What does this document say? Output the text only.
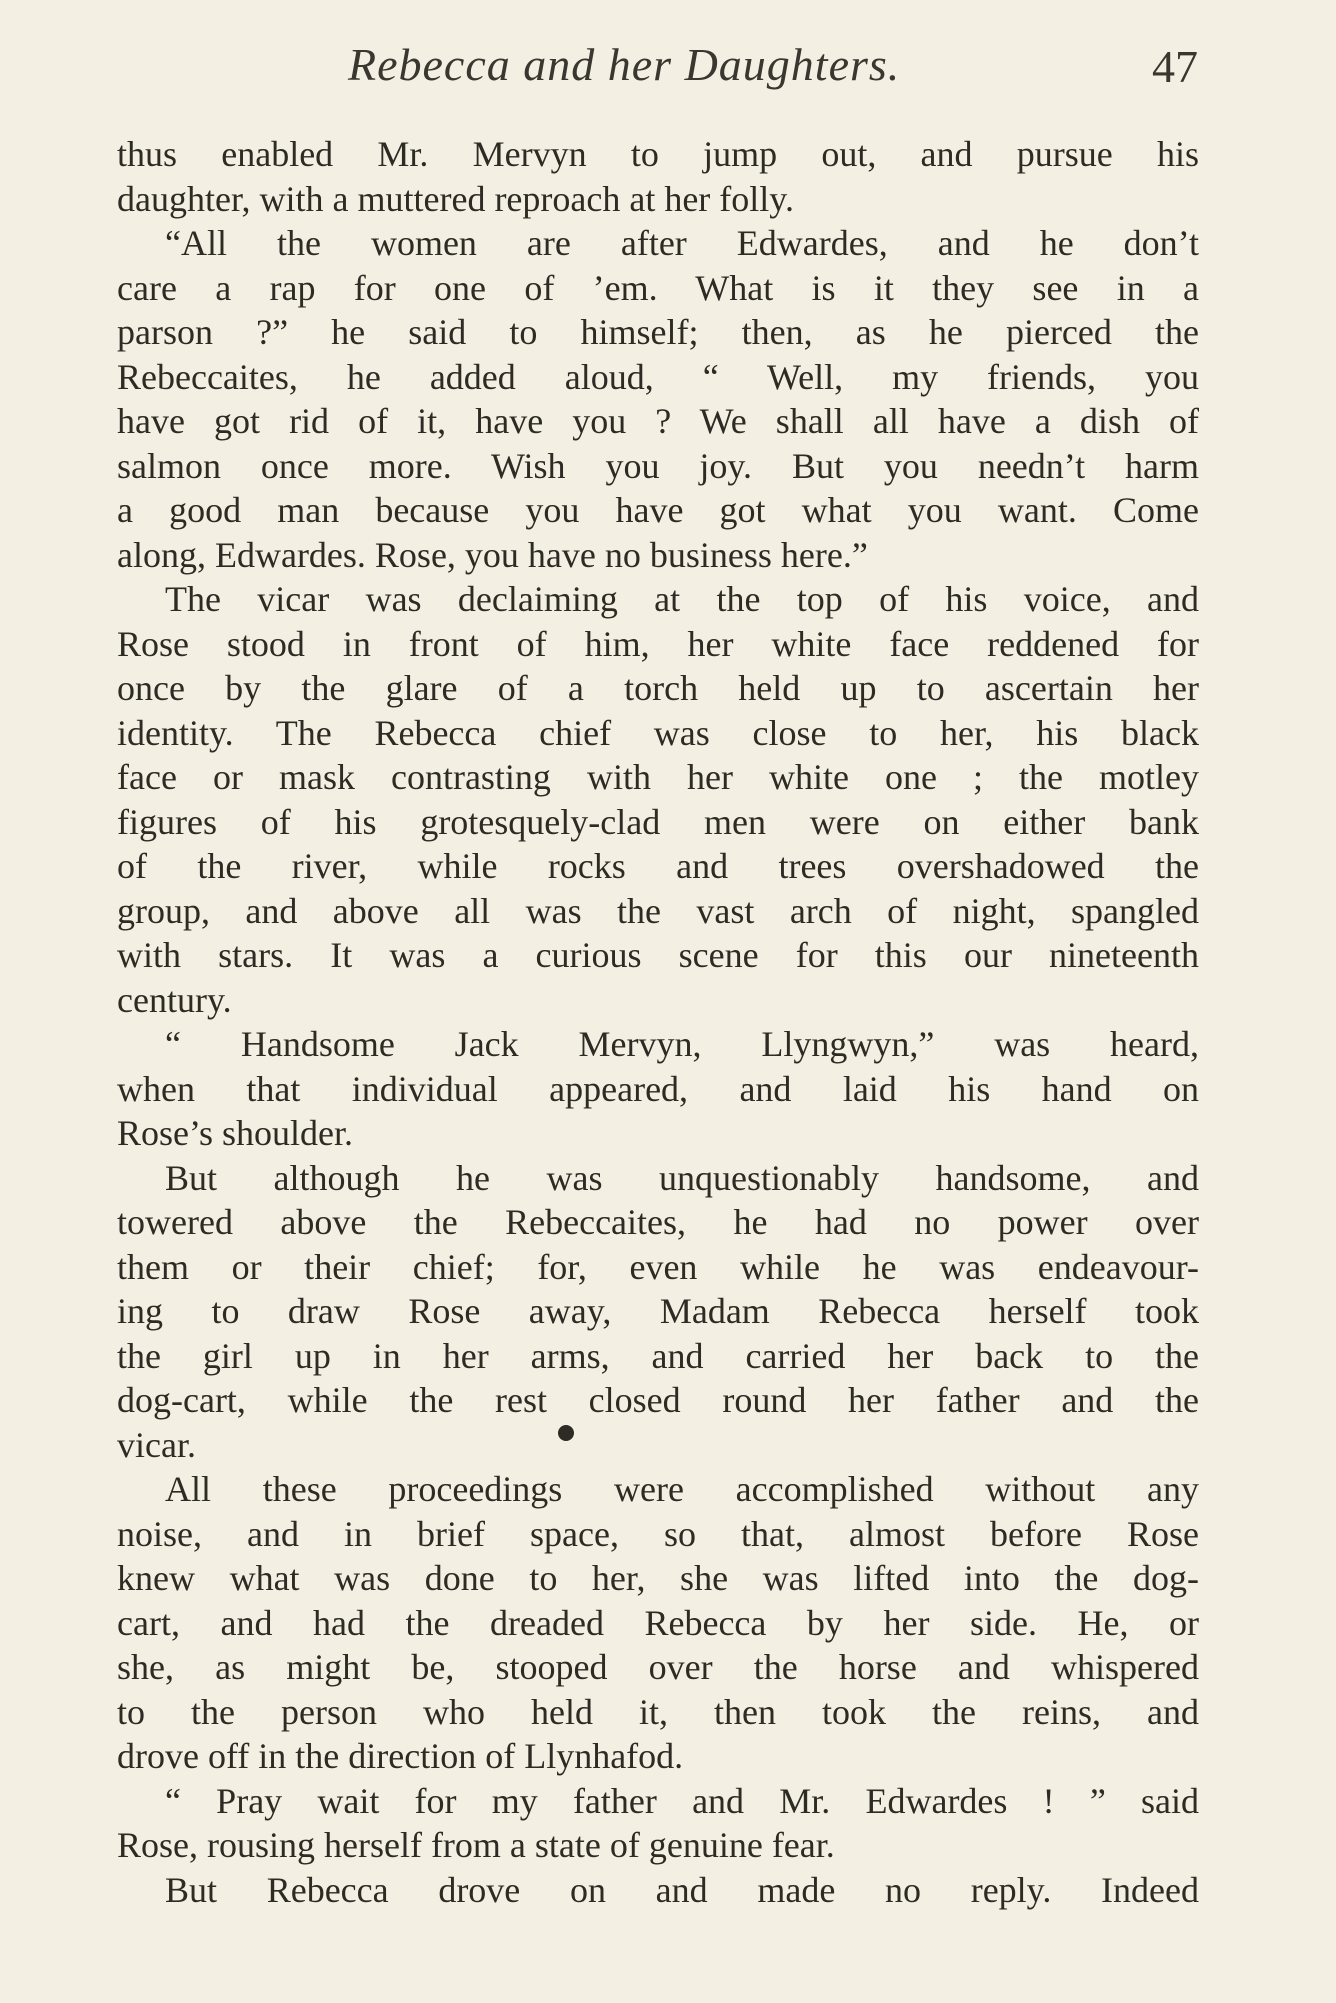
Rebecca and her Daughters.	47
thus enabled Mr. Mervyn to jump out, and pursue his
daughter, with a muttered reproach at her folly.
“All the women are after Edwardes, and he don’t
care a rap for one of ’em. What is it they see in a
parson ?” he said to himself; then, as he pierced the
Rebeccaites, he added aloud, “ Well, my friends, you
have got rid of it, have you ? We shall all have a dish of
salmon once more. Wish you joy. But you needn’t harm
a good man because you have got what you want. Come
along, Edwardes. Rose, you have no business here.”
The vicar was declaiming at the top of his voice, and
Rose stood in front of him, her white face reddened for
once by the glare of a torch held up to ascertain her
identity. The Rebecca chief was close to her, his black
face or mask contrasting with her white one ; the motley
figures of his grotesquely-clad men were on either bank
of the river, while rocks and trees overshadowed the
group, and above all was the vast arch of night, spangled
with stars. It was a curious scene for this our nineteenth
century.
“ Handsome Jack Mervyn, Llyngwyn,” was heard,
when that individual appeared, and laid his hand on
Rose’s shoulder.
But although he was unquestionably handsome, and
towered above the Rebeccaites, he had no power over
them or their chief; for, even while he was endeavour-
ing to draw Rose away, Madam Rebecca herself took
the girl up in her arms, and carried her back to the
dog-cart, while the rest closed round her father and the
vicar.
All these proceedings were accomplished without any
noise, and in brief space, so that, almost before Rose
knew what was done to her, she was lifted into the dog-
cart, and had the dreaded Rebecca by her side. He, or
she, as might be, stooped over the horse and whispered
to the person who held it, then took the reins, and
drove off in the direction of Llynhafod.
“ Pray wait for my father and Mr. Edwardes ! ” said
Rose, rousing herself from a state of genuine fear.
But Rebecca drove on and made no reply. Indeed
